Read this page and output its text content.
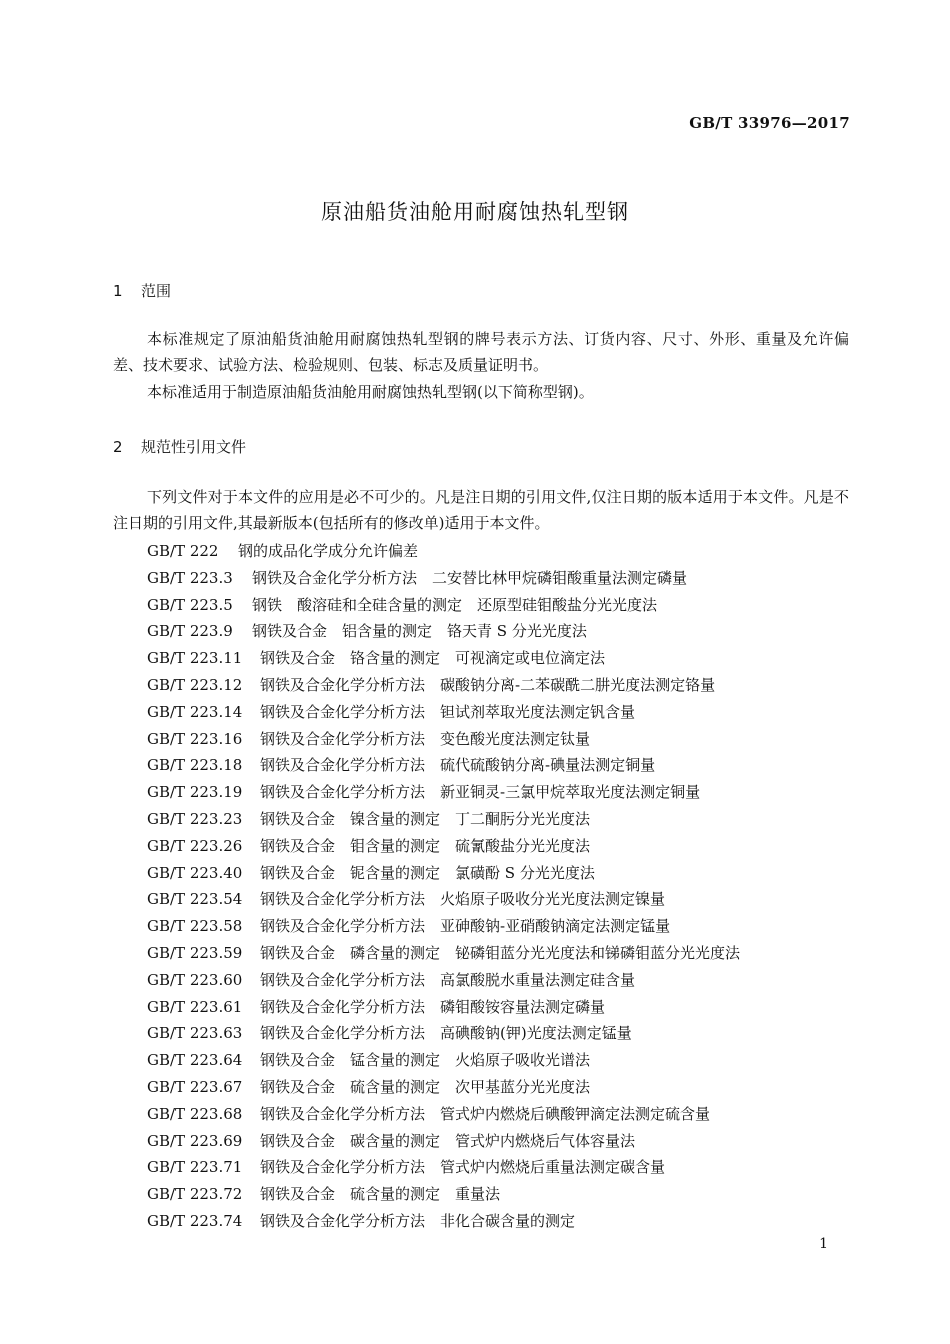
GB/T 33976—2017
原油船货油舱用耐腐蚀热轧型钢
1 范围
本标准规定了原油船货油舱用耐腐蚀热轧型钢的牌号表示方法、订货内容、尺寸、外形、重量及允许偏差、技术要求、试验方法、检验规则、包装、标志及质量证明书。
本标准适用于制造原油船货油舱用耐腐蚀热轧型钢(以下简称型钢)。
2 规范性引用文件
下列文件对于本文件的应用是必不可少的。凡是注日期的引用文件,仅注日期的版本适用于本文件。凡是不注日期的引用文件,其最新版本(包括所有的修改单)适用于本文件。
GB/T 222 钢的成品化学成分允许偏差
GB/T 223.3 钢铁及合金化学分析方法　二安替比林甲烷磷钼酸重量法测定磷量
GB/T 223.5 钢铁　酸溶硅和全硅含量的测定　还原型硅钼酸盐分光光度法
GB/T 223.9 钢铁及合金　铝含量的测定　铬天青 S 分光光度法
GB/T 223.11 钢铁及合金　铬含量的测定　可视滴定或电位滴定法
GB/T 223.12 钢铁及合金化学分析方法　碳酸钠分离-二苯碳酰二肼光度法测定铬量
GB/T 223.14 钢铁及合金化学分析方法　钽试剂萃取光度法测定钒含量
GB/T 223.16 钢铁及合金化学分析方法　变色酸光度法测定钛量
GB/T 223.18 钢铁及合金化学分析方法　硫代硫酸钠分离-碘量法测定铜量
GB/T 223.19 钢铁及合金化学分析方法　新亚铜灵-三氯甲烷萃取光度法测定铜量
GB/T 223.23 钢铁及合金　镍含量的测定　丁二酮肟分光光度法
GB/T 223.26 钢铁及合金　钼含量的测定　硫氰酸盐分光光度法
GB/T 223.40 钢铁及合金　铌含量的测定　氯磺酚 S 分光光度法
GB/T 223.54 钢铁及合金化学分析方法　火焰原子吸收分光光度法测定镍量
GB/T 223.58 钢铁及合金化学分析方法　亚砷酸钠-亚硝酸钠滴定法测定锰量
GB/T 223.59 钢铁及合金　磷含量的测定　铋磷钼蓝分光光度法和锑磷钼蓝分光光度法
GB/T 223.60 钢铁及合金化学分析方法　高氯酸脱水重量法测定硅含量
GB/T 223.61 钢铁及合金化学分析方法　磷钼酸铵容量法测定磷量
GB/T 223.63 钢铁及合金化学分析方法　高碘酸钠(钾)光度法测定锰量
GB/T 223.64 钢铁及合金　锰含量的测定　火焰原子吸收光谱法
GB/T 223.67 钢铁及合金　硫含量的测定　次甲基蓝分光光度法
GB/T 223.68 钢铁及合金化学分析方法　管式炉内燃烧后碘酸钾滴定法测定硫含量
GB/T 223.69 钢铁及合金　碳含量的测定　管式炉内燃烧后气体容量法
GB/T 223.71 钢铁及合金化学分析方法　管式炉内燃烧后重量法测定碳含量
GB/T 223.72 钢铁及合金　硫含量的测定　重量法
GB/T 223.74 钢铁及合金化学分析方法　非化合碳含量的测定
1
